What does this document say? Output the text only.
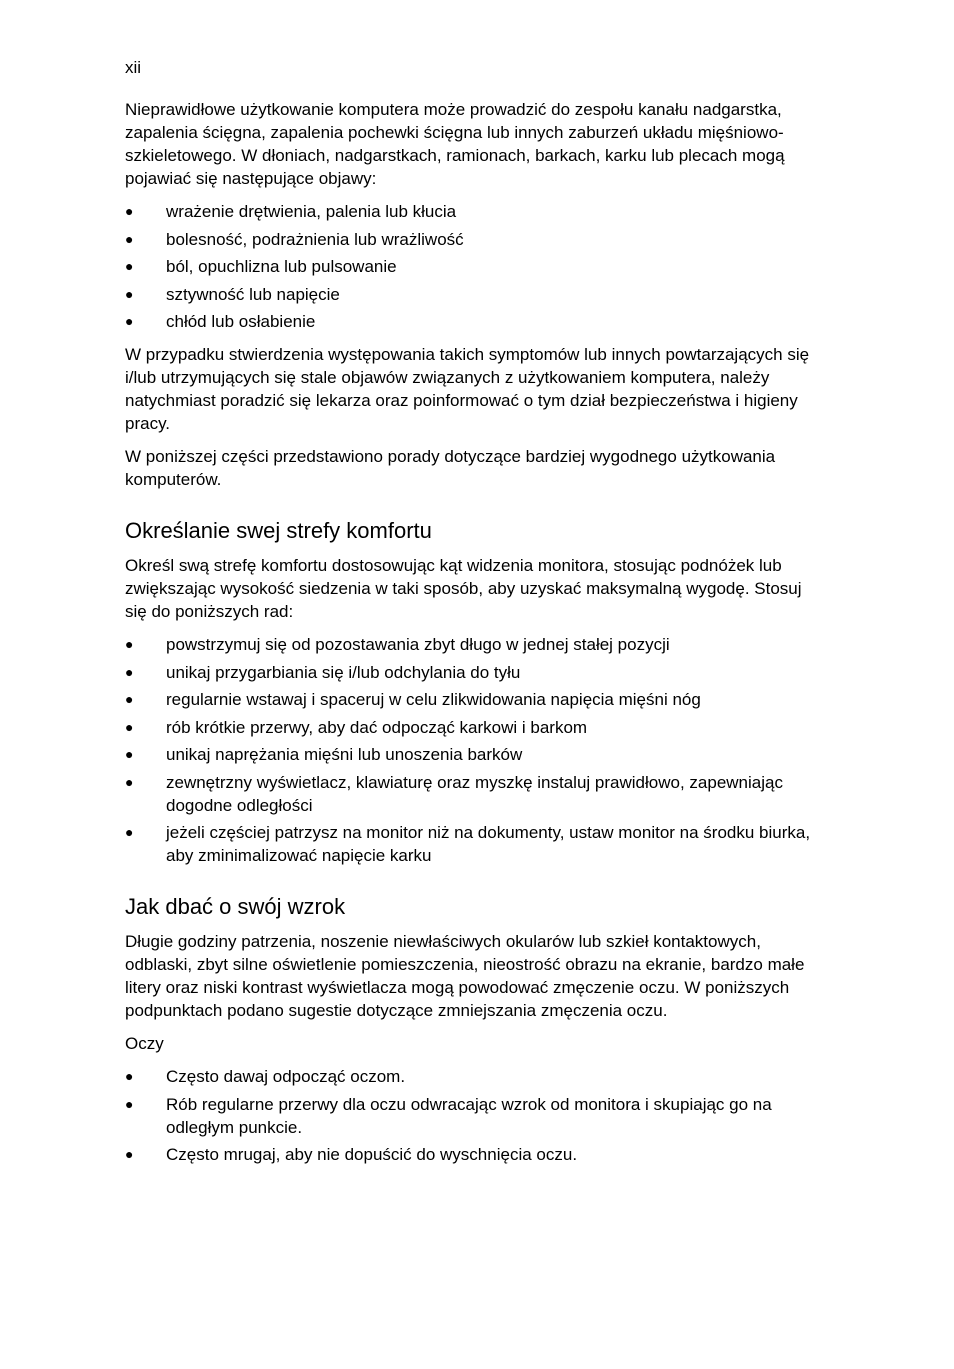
xii

Nieprawidłowe użytkowanie komputera może prowadzić do zespołu kanału nadgarstka, zapalenia ścięgna, zapalenia pochewki ścięgna lub innych zaburzeń układu mięśniowo-szkieletowego. W dłoniach, nadgarstkach, ramionach, barkach, karku lub plecach mogą pojawiać się następujące objawy:

● wrażenie drętwienia, palenia lub kłucia
● bolesność, podrażnienia lub wrażliwość
● ból, opuchlizna lub pulsowanie
● sztywność lub napięcie
● chłód lub osłabienie

W przypadku stwierdzenia występowania takich symptomów lub innych powtarzających się i/lub utrzymujących się stale objawów związanych z użytkowaniem komputera, należy natychmiast poradzić się lekarza oraz poinformować o tym dział bezpieczeństwa i higieny pracy.

W poniższej części przedstawiono porady dotyczące bardziej wygodnego użytkowania komputerów.

Określanie swej strefy komfortu

Określ swą strefę komfortu dostosowując kąt widzenia monitora, stosując podnóżek lub zwiększając wysokość siedzenia w taki sposób, aby uzyskać maksymalną wygodę. Stosuj się do poniższych rad:

● powstrzymuj się od pozostawania zbyt długo w jednej stałej pozycji
● unikaj przygarbiania się i/lub odchylania do tyłu
● regularnie wstawaj i spaceruj w celu zlikwidowania napięcia mięśni nóg
● rób krótkie przerwy, aby dać odpocząć karkowi i barkom
● unikaj naprężania mięśni lub unoszenia barków
● zewnętrzny wyświetlacz, klawiaturę oraz myszkę instaluj prawidłowo, zapewniając dogodne odległości
● jeżeli częściej patrzysz na monitor niż na dokumenty, ustaw monitor na środku biurka, aby zminimalizować napięcie karku
Jak dbać o swój wzrok

Długie godziny patrzenia, noszenie niewłaściwych okularów lub szkieł kontaktowych, odblaski, zbyt silne oświetlenie pomieszczenia, nieostrość obrazu na ekranie, bardzo małe litery oraz niski kontrast wyświetlacza mogą powodować zmęczenie oczu. W poniższych podpunktach podano sugestie dotyczące zmniejszania zmęczenia oczu.

Oczy

● Często dawaj odpocząć oczom.
● Rób regularne przerwy dla oczu odwracając wzrok od monitora i skupiając go na odległym punkcie.
● Często mrugaj, aby nie dopuścić do wyschnięcia oczu.
